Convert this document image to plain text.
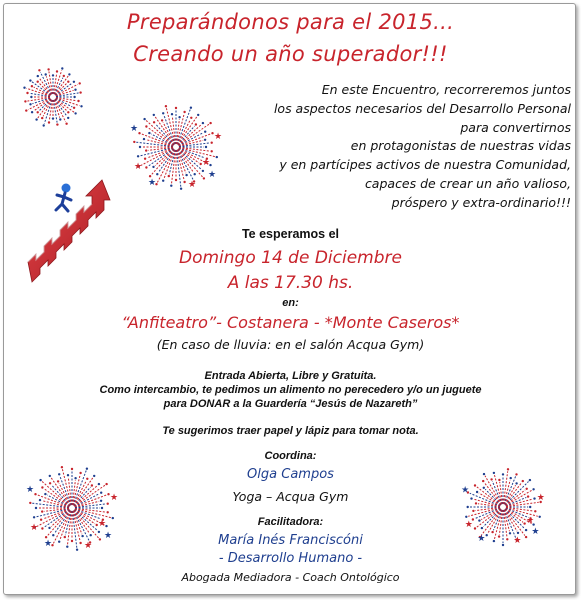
Preparándonos para el 2015...
Creando un año superador!!!
En este Encuentro, recorreremos juntos
los aspectos necesarios del Desarrollo Personal
para convertirnos
en protagonistas de nuestras vidas
y en partícipes activos de nuestra Comunidad,
capaces de crear un año valioso,
próspero y extra-ordinario!!!
★
★
★
★	★
★
★
Te esperamos el
Domingo 14 de Diciembre
A las 17.30 hs.
en:
“Anfiteatro”- Costanera - *Monte Caseros*
(En caso de lluvia: en el salón Acqua Gym)
Entrada Abierta, Libre y Gratuita.
Como intercambio, te pedimos un alimento no perecedero y/o un juguete
para DONAR a la Guardería “Jesús de Nazareth”
Te sugerimos traer papel y lápiz para tomar nota.
Coordina:
Olga Campos
Yoga – Acqua Gym
Facilitadora:
María Inés Franciscóni
- Desarrollo Humano -
Abogada Mediadora - Coach Ontológico
★
★
★
★	★
★
★	★
★
★
★	★
★
★
